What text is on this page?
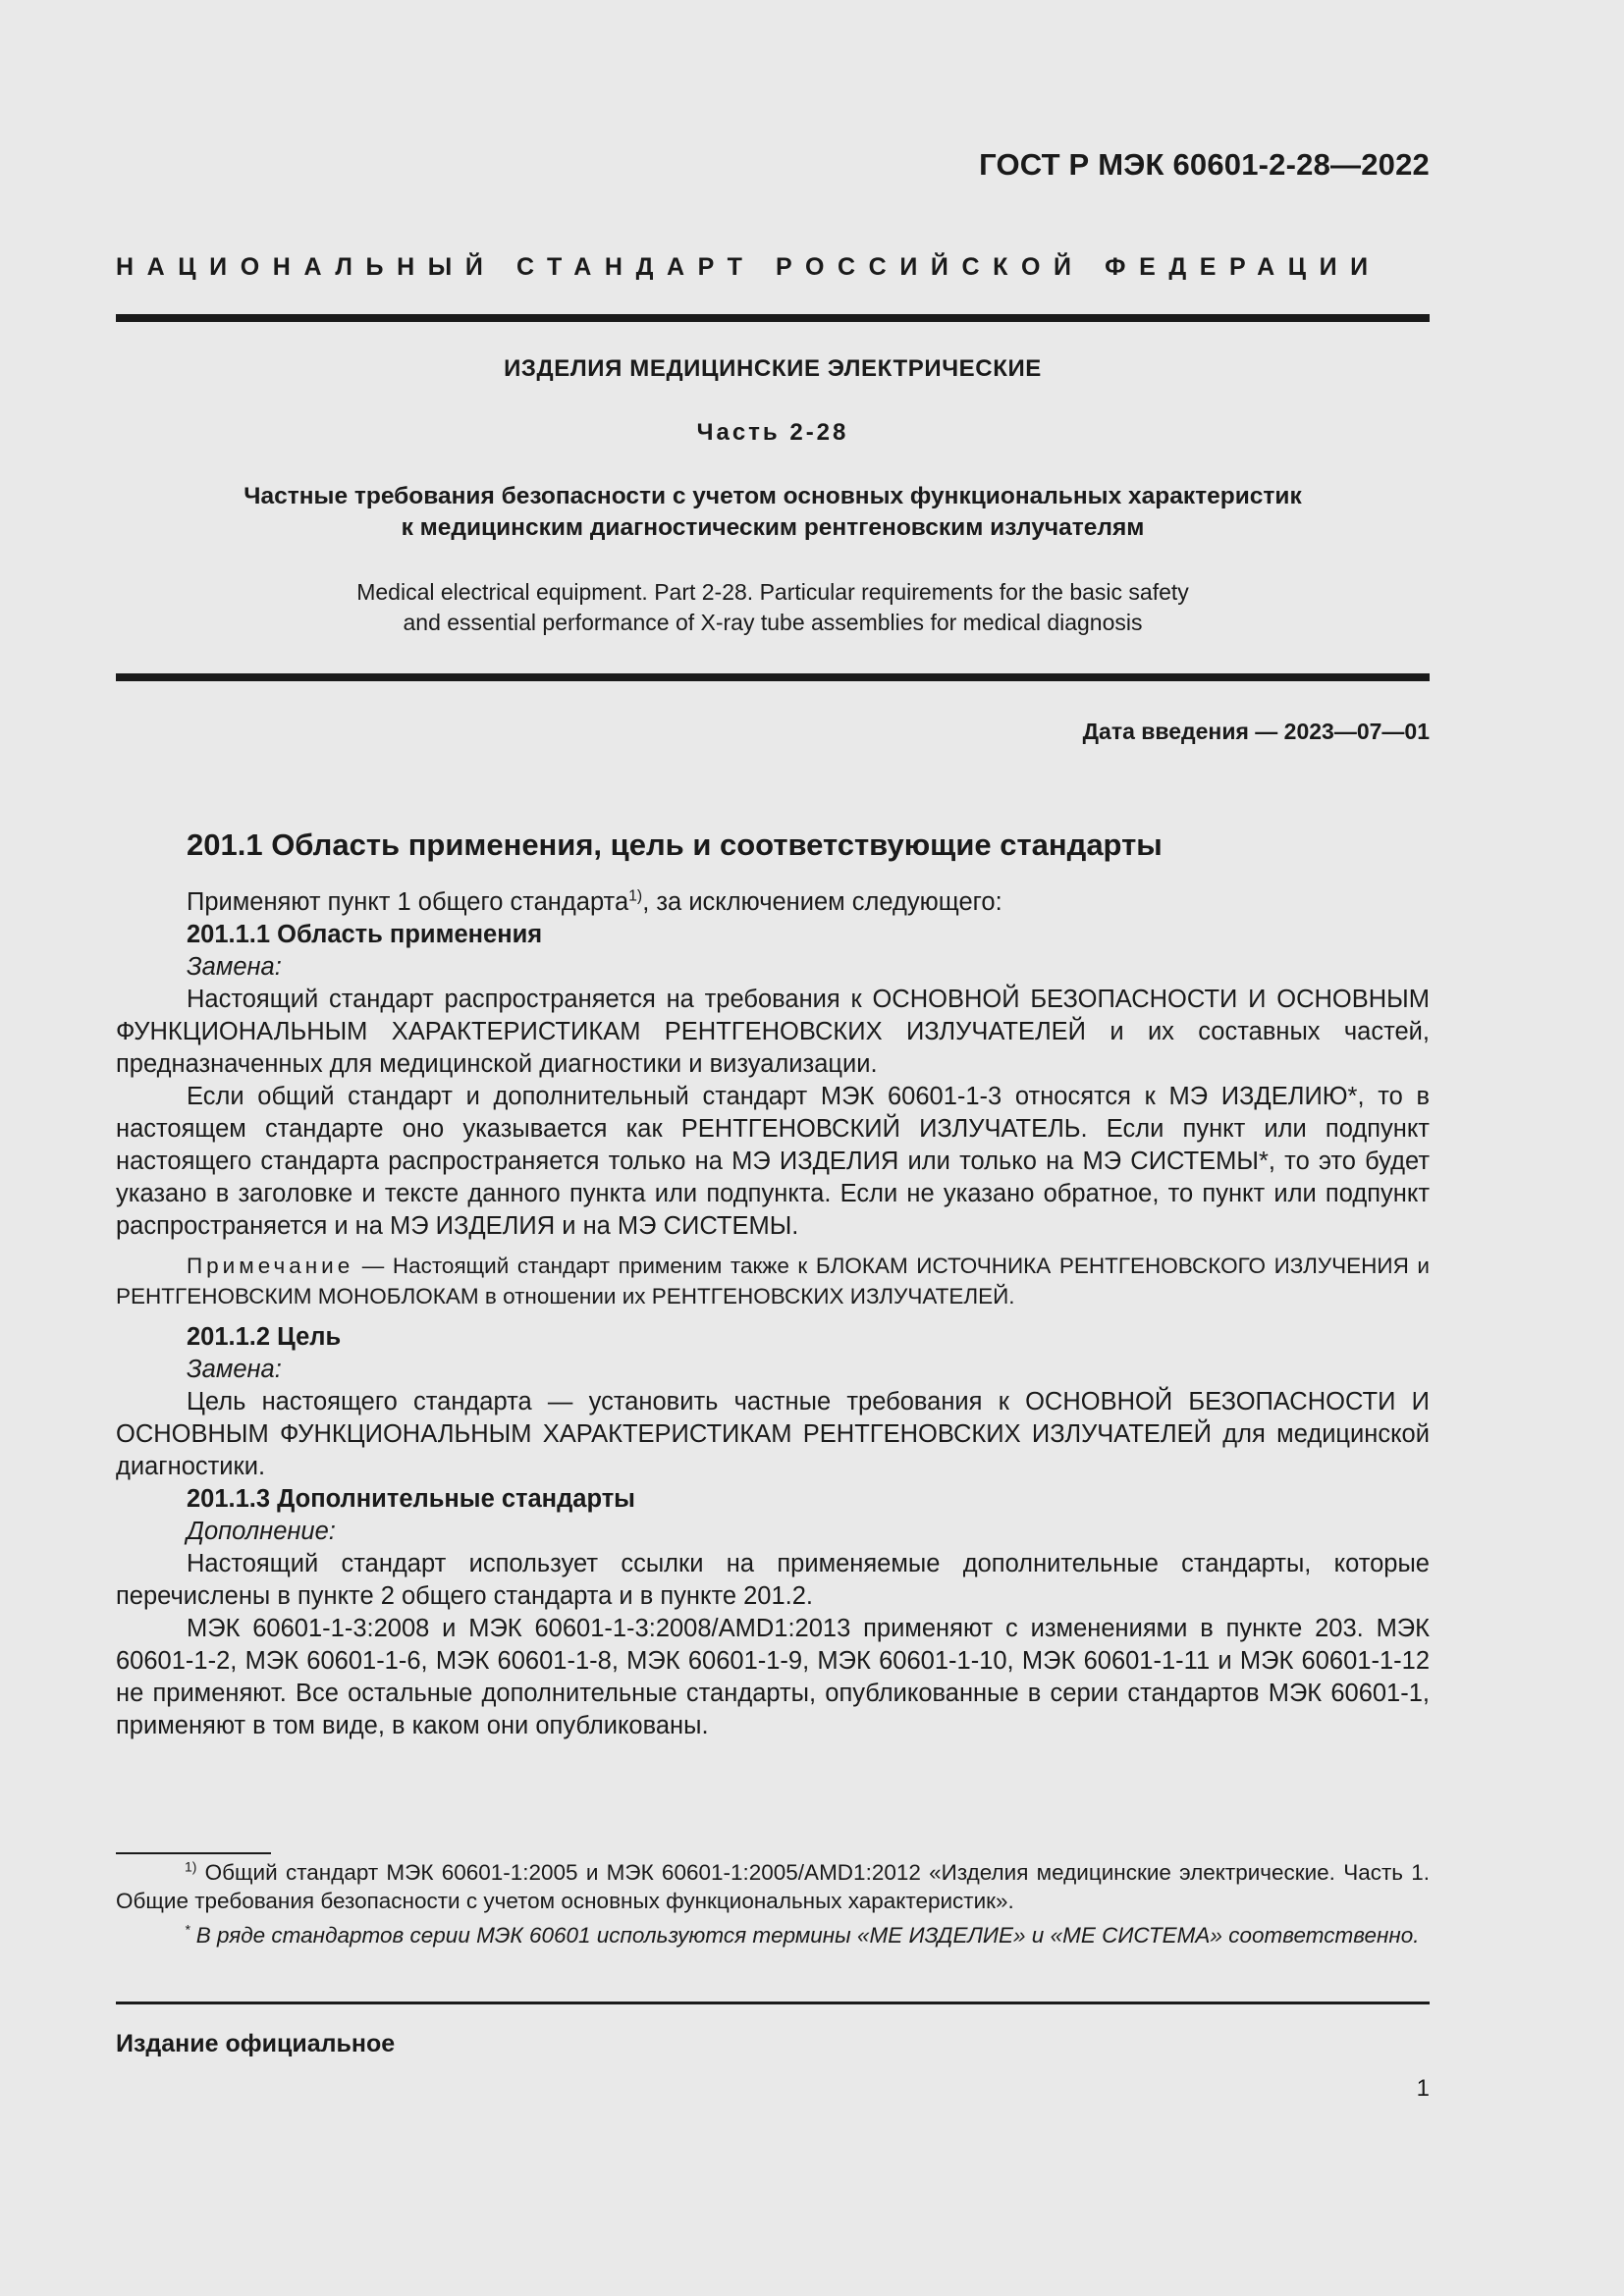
ГОСТ Р МЭК 60601-2-28—2022
НАЦИОНАЛЬНЫЙ СТАНДАРТ РОССИЙСКОЙ ФЕДЕРАЦИИ
ИЗДЕЛИЯ МЕДИЦИНСКИЕ ЭЛЕКТРИЧЕСКИЕ
Часть 2-28
Частные требования безопасности с учетом основных функциональных характеристик
к медицинским диагностическим рентгеновским излучателям
Medical electrical equipment. Part 2-28. Particular requirements for the basic safety
and essential performance of X-ray tube assemblies for medical diagnosis
Дата введения — 2023—07—01
201.1 Область применения, цель и соответствующие стандарты

Применяют пункт 1 общего стандарта$^{1)}$, за исключением следующего:

201.1.1 Область применения

Замена:

Настоящий стандарт распространяется на требования к ОСНОВНОЙ БЕЗОПАСНОСТИ И ОСНОВНЫМ ФУНКЦИОНАЛЬНЫМ ХАРАКТЕРИСТИКАМ РЕНТГЕНОВСКИХ ИЗЛУЧАТЕЛЕЙ и их составных частей, предназначенных для медицинской диагностики и визуализации.

Если общий стандарт и дополнительный стандарт МЭК 60601-1-3 относятся к МЭ ИЗДЕЛИЮ*, то в настоящем стандарте оно указывается как РЕНТГЕНОВСКИЙ ИЗЛУЧАТЕЛЬ. Если пункт или подпункт настоящего стандарта распространяется только на МЭ ИЗДЕЛИЯ или только на МЭ СИСТЕМЫ*, то это будет указано в заголовке и тексте данного пункта или подпункта. Если не указано обратное, то пункт или подпункт распространяется и на МЭ ИЗДЕЛИЯ и на МЭ СИСТЕМЫ.

Примечание — Настоящий стандарт применим также к БЛОКАМ ИСТОЧНИКА РЕНТГЕНОВСКОГО ИЗЛУЧЕНИЯ и РЕНТГЕНОВСКИМ МОНОБЛОКАМ в отношении их РЕНТГЕНОВСКИХ ИЗЛУЧАТЕЛЕЙ.

201.1.2 Цель

Замена:

Цель настоящего стандарта — установить частные требования к ОСНОВНОЙ БЕЗОПАСНОСТИ И ОСНОВНЫМ ФУНКЦИОНАЛЬНЫМ ХАРАКТЕРИСТИКАМ РЕНТГЕНОВСКИХ ИЗЛУЧАТЕЛЕЙ для медицинской диагностики.

201.1.3 Дополнительные стандарты

Дополнение:

Настоящий стандарт использует ссылки на применяемые дополнительные стандарты, которые перечислены в пункте 2 общего стандарта и в пункте 201.2.

МЭК 60601-1-3:2008 и МЭК 60601-1-3:2008/AMD1:2013 применяют с изменениями в пункте 203. МЭК 60601-1-2, МЭК 60601-1-6, МЭК 60601-1-8, МЭК 60601-1-9, МЭК 60601-1-10, МЭК 60601-1-11 и МЭК 60601-1-12 не применяют. Все остальные дополнительные стандарты, опубликованные в серии стандартов МЭК 60601-1, применяют в том виде, в каком они опубликованы.

$^{1)}$ Общий стандарт МЭК 60601-1:2005 и МЭК 60601-1:2005/AMD1:2012 «Изделия медицинские электрические. Часть 1. Общие требования безопасности с учетом основных функциональных характеристик».

* В ряде стандартов серии МЭК 60601 используются термины «МЕ ИЗДЕЛИЕ» и «МЕ СИСТЕМА» соответственно.

Издание официальное
1
